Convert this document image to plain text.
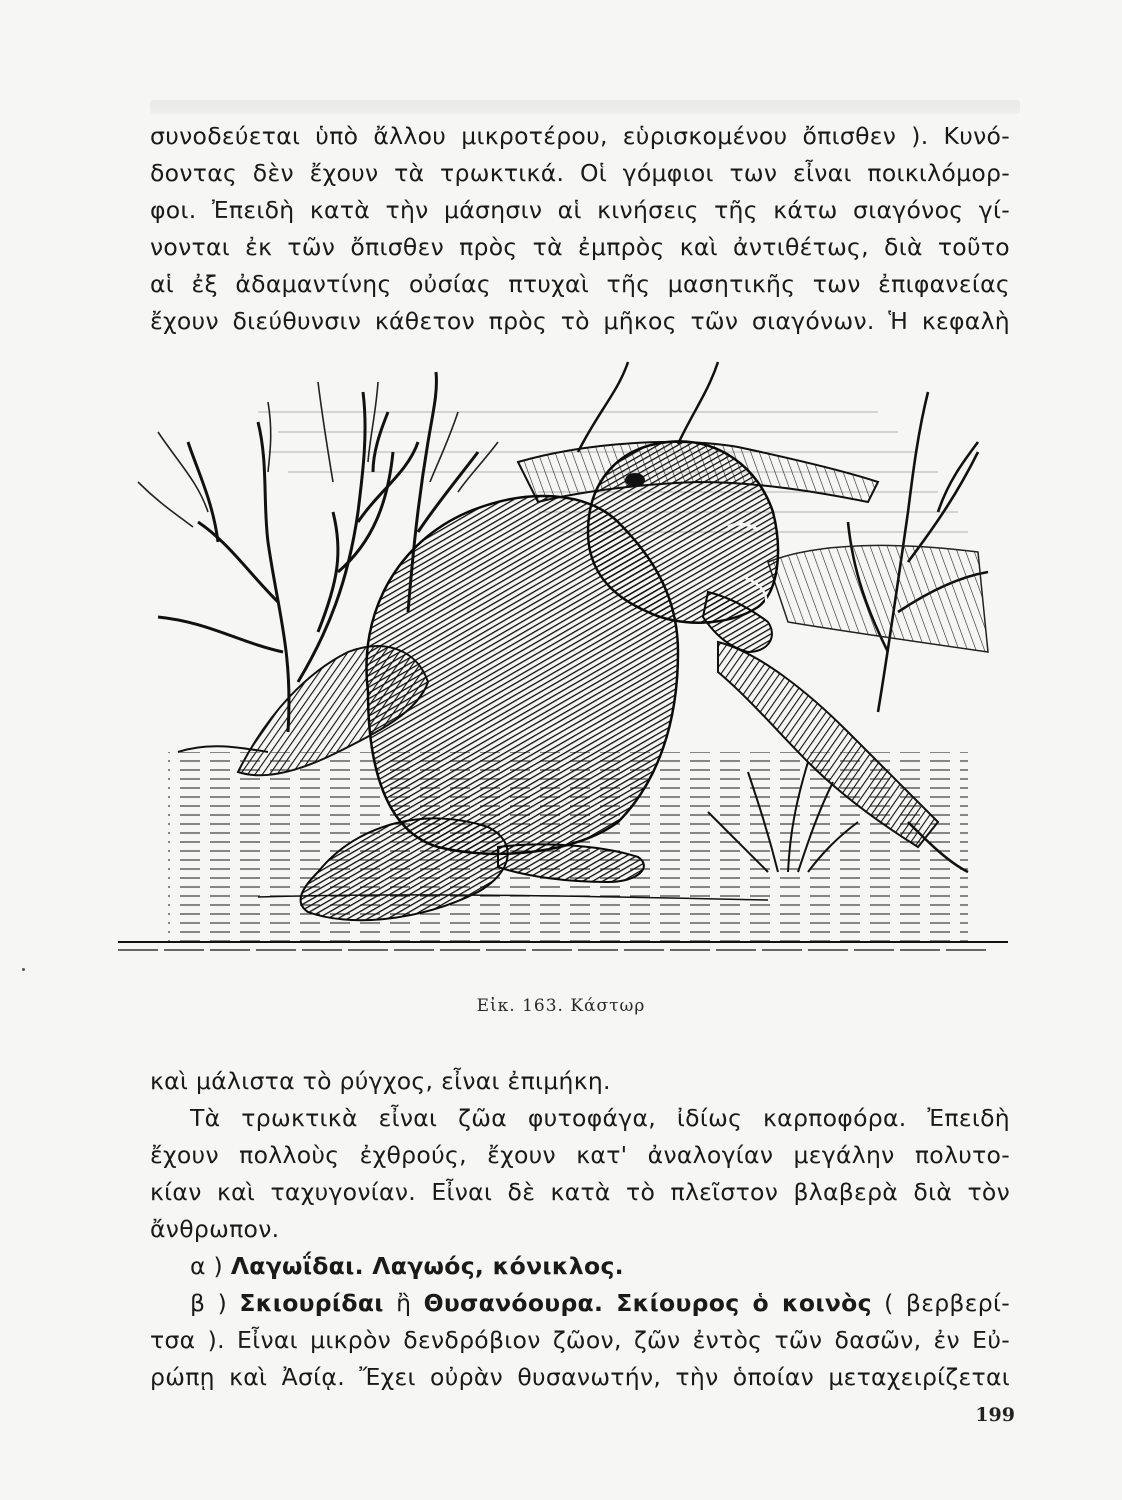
συνοδεύεται ὑπὸ ἄλλου μικροτέρου, εὑρισκομένου ὄπισθεν ). Κυνό-
δοντας δὲν ἔχουν τὰ τρωκτικά. Οἱ γόμφιοι των εἶναι ποικιλόμορ-
φοι. Ἐπειδὴ κατὰ τὴν μάσησιν αἱ κινήσεις τῆς κάτω σιαγόνος γί-
νονται ἐκ τῶν ὄπισθεν πρὸς τὰ ἐμπρὸς καὶ ἀντιθέτως, διὰ τοῦτο
αἱ ἐξ ἀδαμαντίνης οὐσίας πτυχαὶ τῆς μασητικῆς των ἐπιφανείας
ἔχουν διεύθυνσιν κάθετον πρὸς τὸ μῆκος τῶν σιαγόνων. Ἡ κεφαλὴ
Εἰκ. 163. Κάστωρ
καὶ μάλιστα τὸ ρύγχος, εἶναι ἐπιμήκη.
Τὰ τρωκτικὰ εἶναι ζῶα φυτοφάγα, ἰδίως καρποφόρα. Ἐπειδὴ
ἔχουν πολλοὺς ἐχθρούς, ἔχουν κατ' ἀναλογίαν μεγάλην πολυτο-
κίαν καὶ ταχυγονίαν. Εἶναι δὲ κατὰ τὸ πλεῖστον βλαβερὰ διὰ τὸν
ἄνθρωπον.
α ) Λαγωΐδαι. Λαγωός, κόνικλος.
β ) Σκιουρίδαι ἢ Θυσανόουρα. Σκίουρος ὁ κοινὸς ( βερβερί-
τσα ). Εἶναι μικρὸν δενδρόβιον ζῶον, ζῶν ἐντὸς τῶν δασῶν, ἐν Εὐ-
ρώπῃ καὶ Ἀσίᾳ. Ἔχει οὐρὰν θυσανωτήν, τὴν ὁποίαν μεταχειρίζεται
199
